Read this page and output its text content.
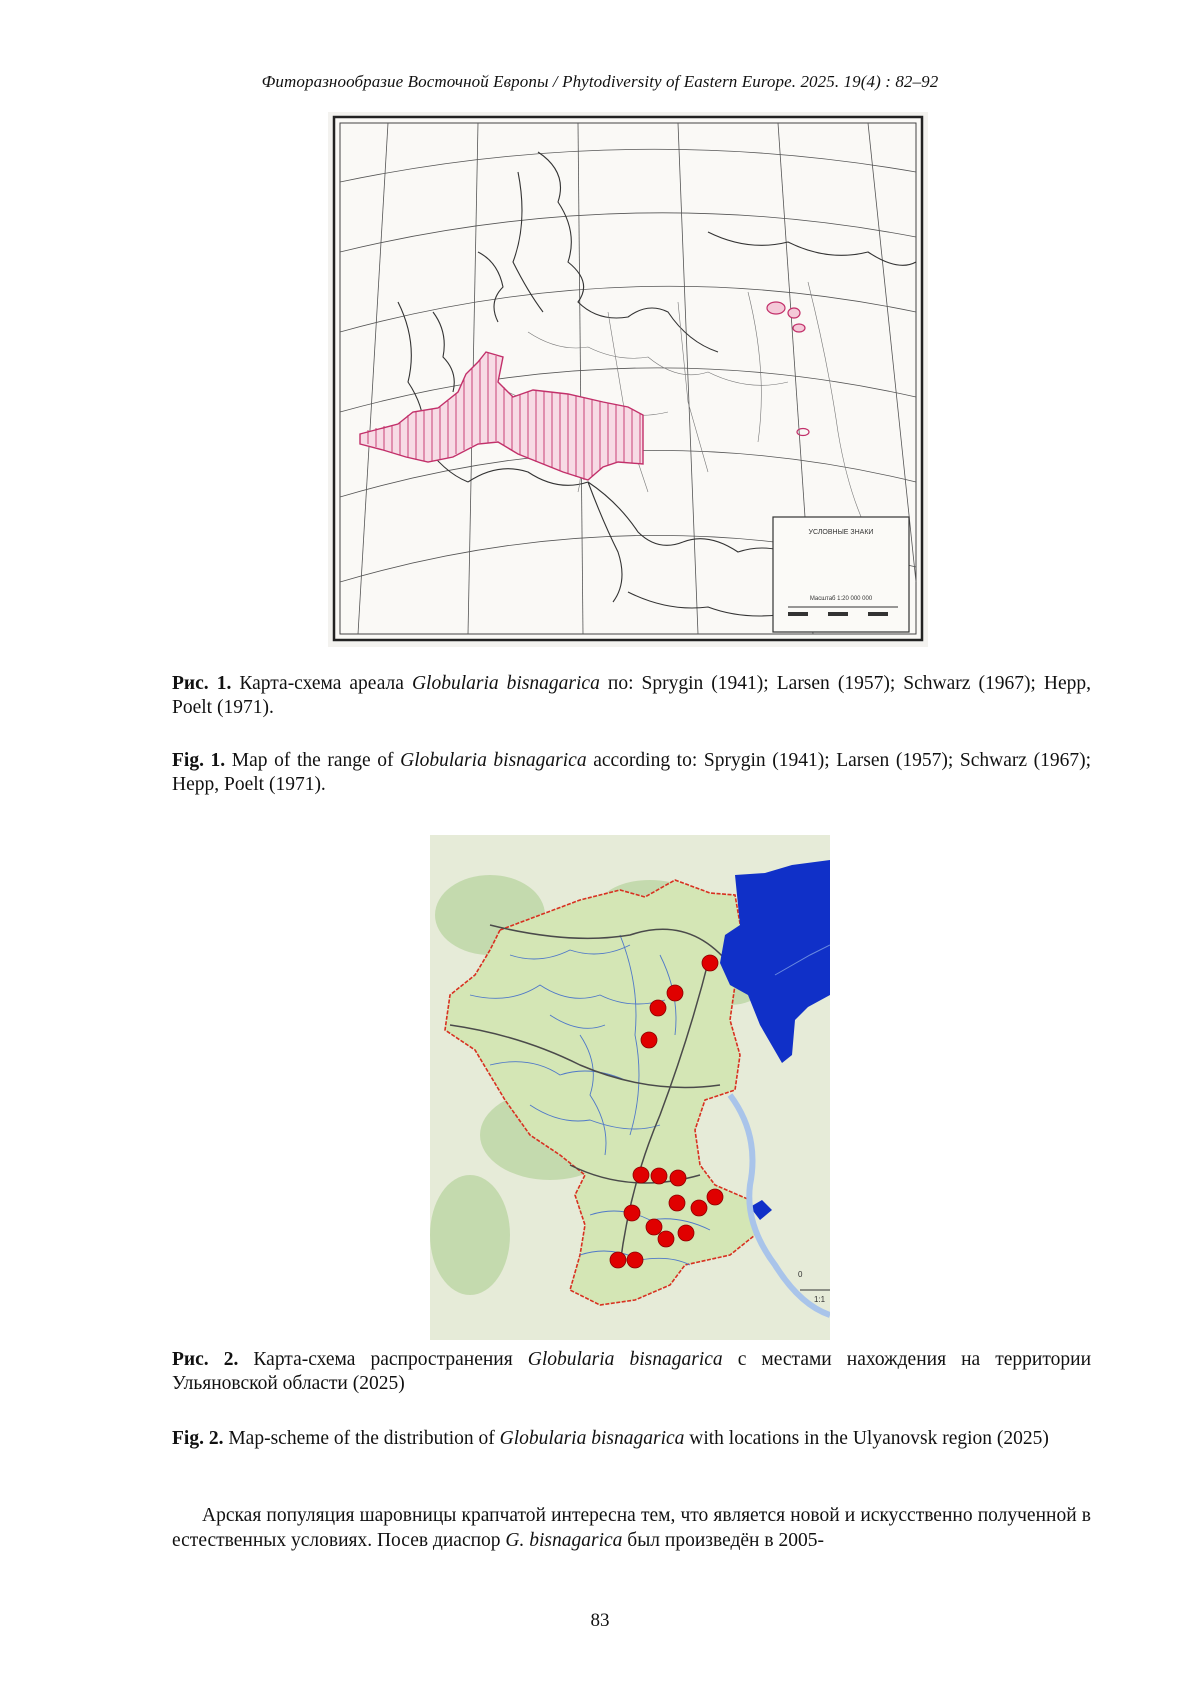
Фиторазнообразие Восточной Европы / Phytodiversity of Eastern Europe. 2025. 19(4) : 82–92
УСЛОВНЫЕ ЗНАКИ
Масштаб 1:20 000 000
Рис. 1. Карта-схема ареала Globularia bisnagarica по: Sprygin (1941); Larsen (1957); Schwarz (1967); Hepp, Poelt (1971).
Fig. 1. Map of the range of Globularia bisnagarica according to: Sprygin (1941); Larsen (1957); Schwarz (1967); Hepp, Poelt (1971).
0
1:1
Рис. 2. Карта-схема распространения Globularia bisnagarica с местами нахождения на территории Ульяновской области (2025)
Fig. 2. Map-scheme of the distribution of Globularia bisnagarica with locations in the Ulyanovsk region (2025)
Арская популяция шаровницы крапчатой интересна тем, что является новой и искусственно полученной в естественных условиях. Посев диаспор G. bisnagarica был произведён в 2005-
83
